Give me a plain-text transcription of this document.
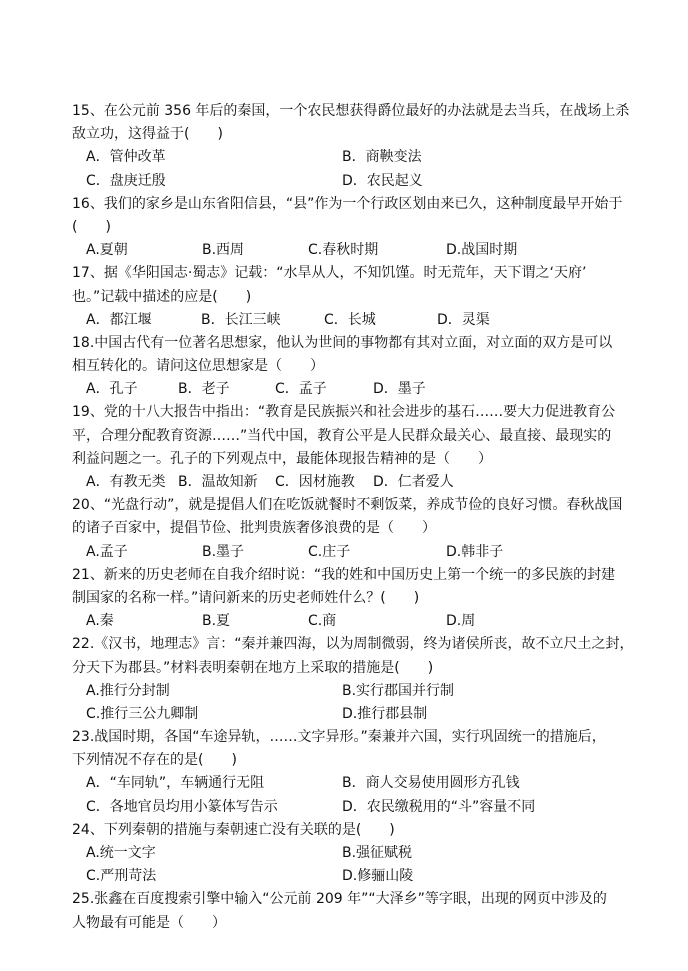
15、在公元前 356 年后的秦国，一个农民想获得爵位最好的办法就是去当兵，在战场上杀
敌立功，这得益于(　　)
A．管仲改革	B．商鞅变法
C．盘庚迁殷	D．农民起义
16、我们的家乡是山东省阳信县，“县”作为一个行政区划由来已久，这种制度最早开始于
(　　)
A.夏朝	B.西周	C.春秋时期	D.战国时期
17、据《华阳国志·蜀志》记载：“水旱从人，不知饥馑。时无荒年，天下谓之‘天府’
也。”记载中描述的应是(　　)
A．都江堰	B．长江三峡	C．长城	D．灵渠
18.中国古代有一位著名思想家，他认为世间的事物都有其对立面，对立面的双方是可以
相互转化的。请问这位思想家是（　　）
A．孔子	B．老子	C．孟子	D．墨子
19、党的十八大报告中指出：“教育是民族振兴和社会进步的基石……要大力促进教育公
平，合理分配教育资源……”当代中国，教育公平是人民群众最关心、最直接、最现实的
利益问题之一。孔子的下列观点中，最能体现报告精神的是（　　）
A．有教无类 B．温故知新	C．因材施教	D．仁者爱人
20、“光盘行动”，就是提倡人们在吃饭就餐时不剩饭菜，养成节俭的良好习惯。春秋战国
的诸子百家中，提倡节俭、批判贵族奢侈浪费的是（　　）
A.孟子	B.墨子	C.庄子	D.韩非子
21、新来的历史老师在自我介绍时说：“我的姓和中国历史上第一个统一的多民族的封建
制国家的名称一样。”请问新来的历史老师姓什么？(　　)
A.秦	B.夏	C.商	D.周
22.《汉书，地理志》言：“秦并兼四海，以为周制微弱，终为诸侯所丧，故不立尺土之封，
分天下为郡县。”材料表明秦朝在地方上采取的措施是(　　)
A.推行分封制	B.实行郡国并行制
C.推行三公九卿制	D.推行郡县制
23.战国时期，各国“车途异轨，……文字异形。”秦兼并六国，实行巩固统一的措施后，
下列情况不存在的是(　　)
A．“车同轨”，车辆通行无阻	B．商人交易使用圆形方孔钱
C．各地官员均用小篆体写告示	D．农民缴税用的“斗”容量不同
24、下列秦朝的措施与秦朝速亡没有关联的是(　　)
A.统一文字	B.强征赋税
C.严刑苛法	D.修骊山陵
25.张鑫在百度搜索引擎中输入“公元前 209 年”“大泽乡”等字眼，出现的网页中涉及的
人物最有可能是（　　）
